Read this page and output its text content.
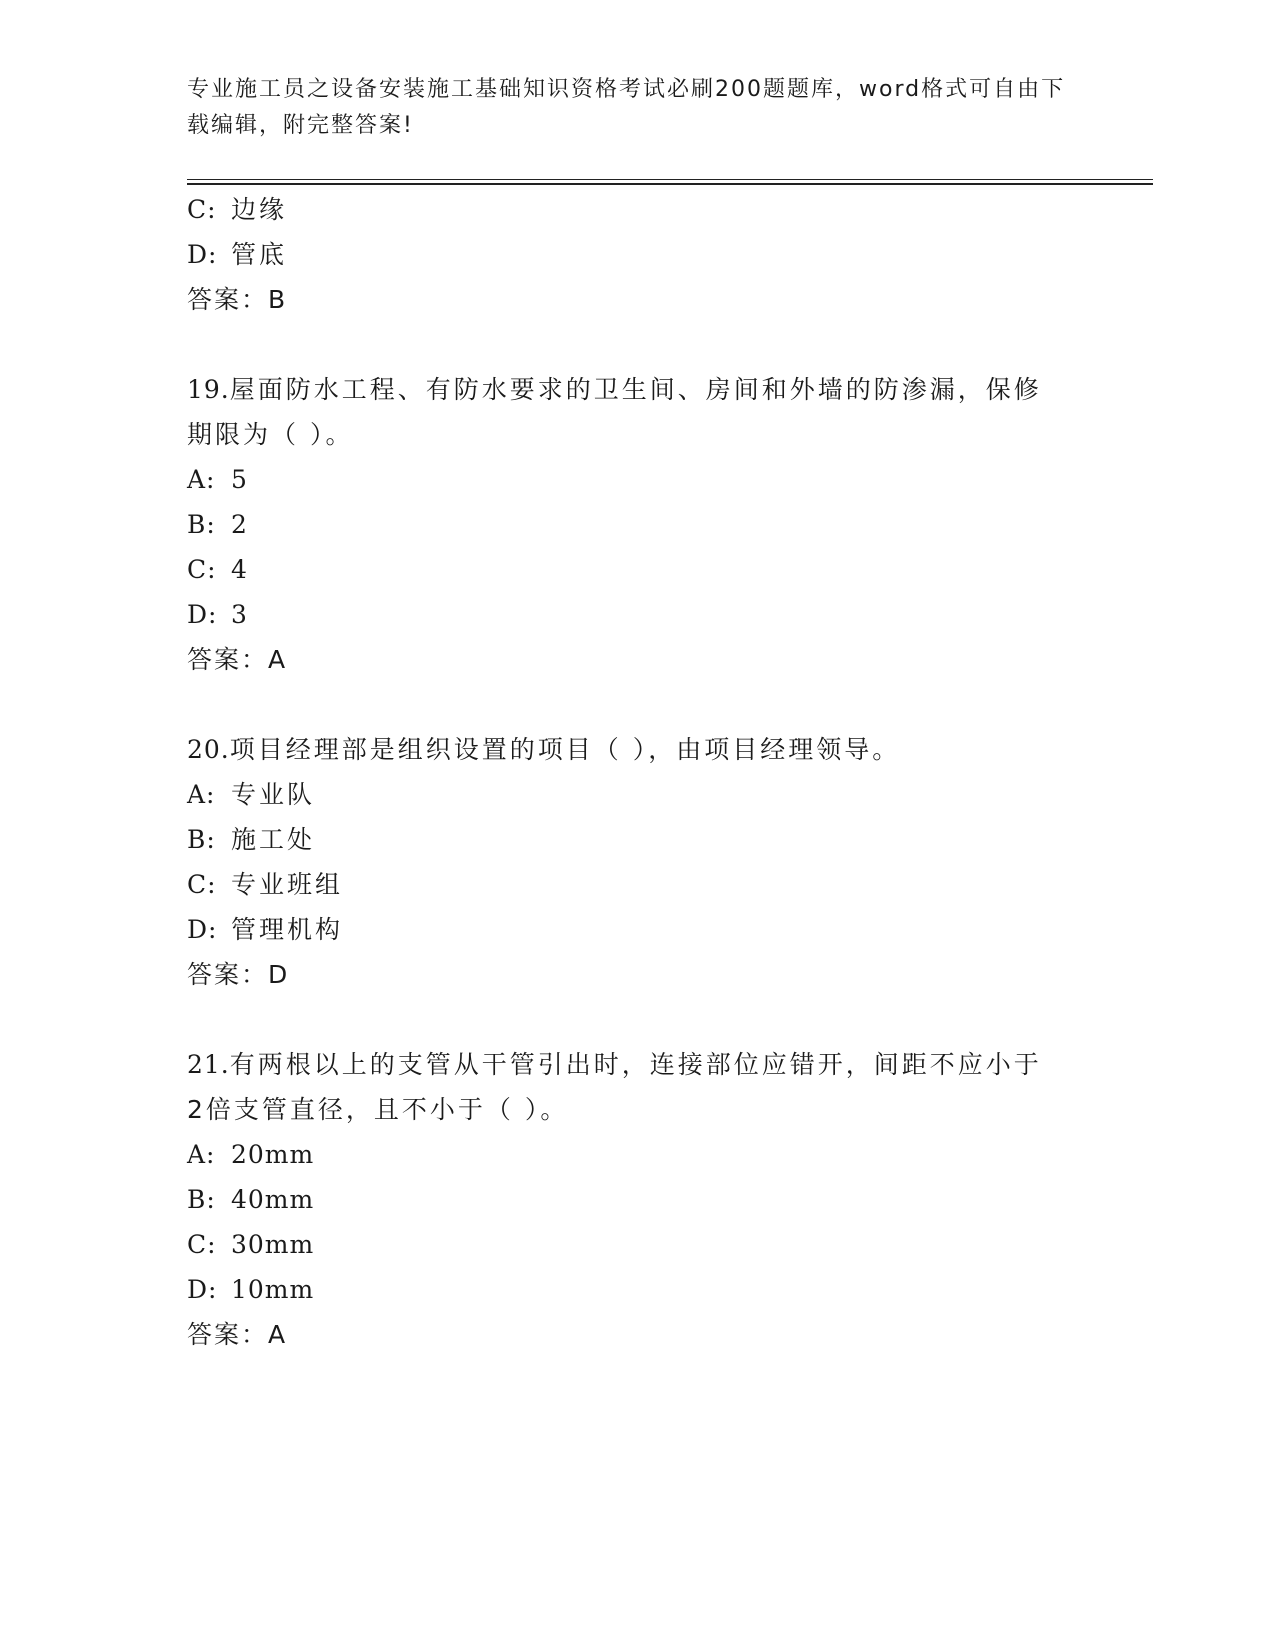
专业施工员之设备安装施工基础知识资格考试必刷200题题库，word格式可自由下载编辑，附完整答案!
C: 边缘
D: 管底
答案：B
19.屋面防水工程、有防水要求的卫生间、房间和外墙的防渗漏，保修
期限为（ ）。
A: 5
B: 2
C: 4
D: 3
答案：A
20.项目经理部是组织设置的项目（ ），由项目经理领导。
A: 专业队
B: 施工处
C: 专业班组
D: 管理机构
答案：D
21.有两根以上的支管从干管引出时，连接部位应错开，间距不应小于
2倍支管直径，且不小于（ ）。
A: 20mm
B: 40mm
C: 30mm
D: 10mm
答案：A
